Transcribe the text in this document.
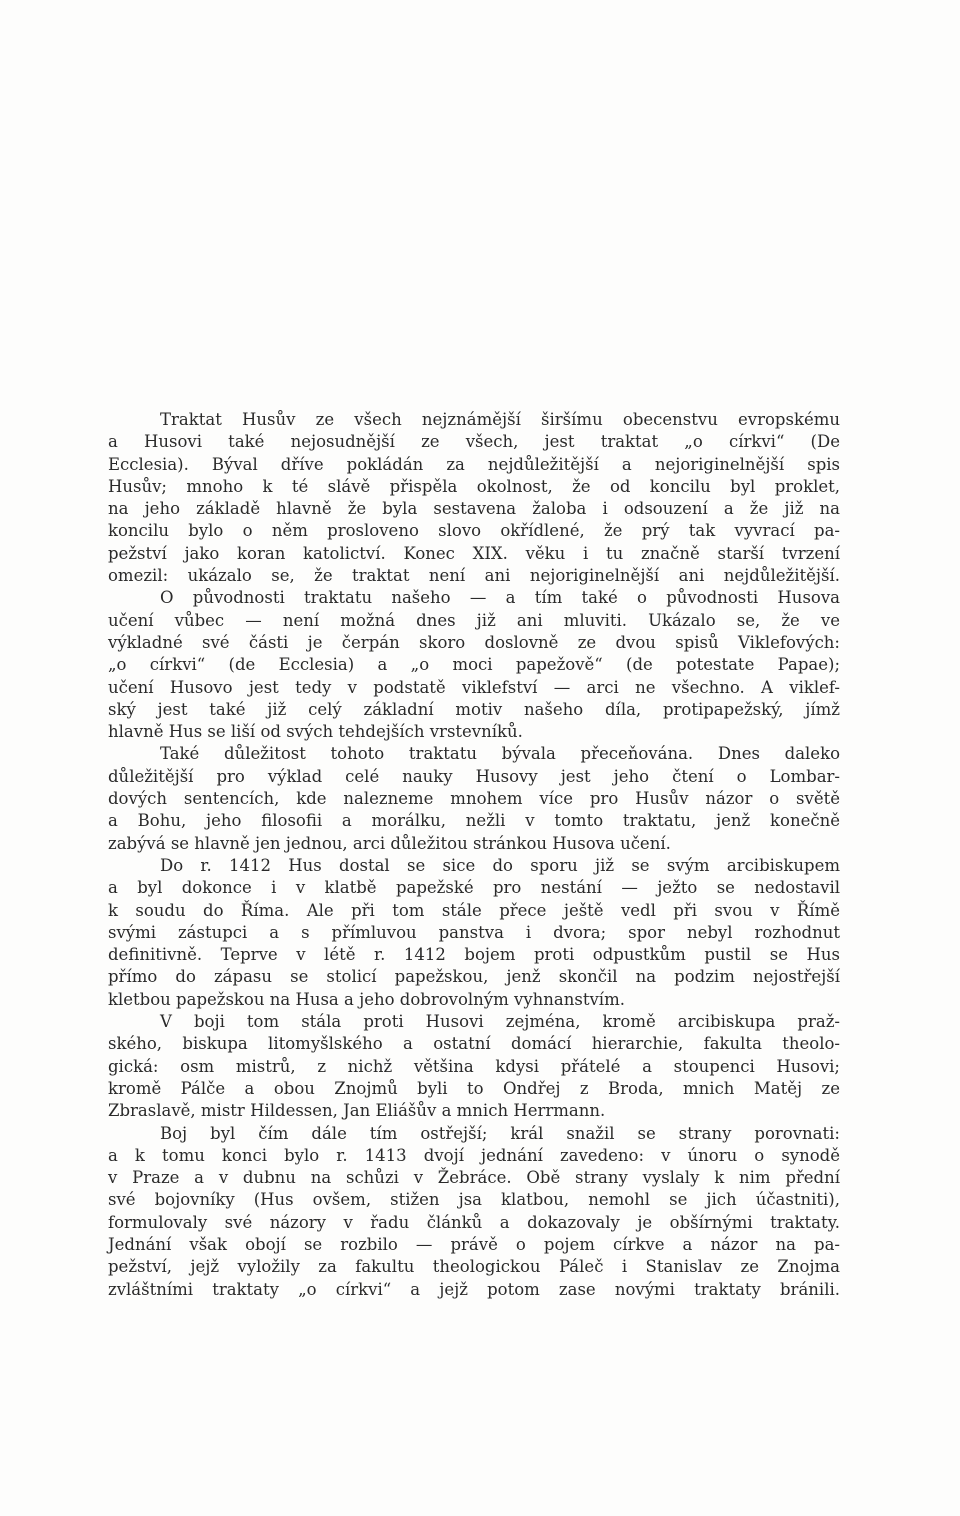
Traktat Husův ze všech nejznámější širšímu obecenstvu evropskému
a Husovi také nejosudnější ze všech, jest traktat „o církvi“ (De
Ecclesia). Býval dříve pokládán za nejdůležitější a nejoriginelnější spis
Husův; mnoho k té slávě přispěla okolnost, že od koncilu byl proklet,
na jeho základě hlavně že byla sestavena žaloba i odsouzení a že již na
koncilu bylo o něm prosloveno slovo okřídlené, že prý tak vyvrací pa-
pežství jako koran katolictví. Konec XIX. věku i tu značně starší tvrzení
omezil: ukázalo se, že traktat není ani nejoriginelnější ani nejdůležitější.

O původnosti traktatu našeho — a tím také o původnosti Husova
učení vůbec — není možná dnes již ani mluviti. Ukázalo se, že ve
výkladné své části je čerpán skoro doslovně ze dvou spisů Viklefových:
„o církvi“ (de Ecclesia) a „o moci papežově“ (de potestate Papae);
učení Husovo jest tedy v podstatě viklefství — arci ne všechno. A viklef-
ský jest také již celý základní motiv našeho díla, protipapežský, jímž
hlavně Hus se liší od svých tehdejších vrstevníků.

Také důležitost tohoto traktatu bývala přeceňována. Dnes daleko
důležitější pro výklad celé nauky Husovy jest jeho čtení o Lombar-
dových sentencích, kde nalezneme mnohem více pro Husův názor o světě
a Bohu, jeho filosofii a morálku, nežli v tomto traktatu, jenž konečně
zabývá se hlavně jen jednou, arci důležitou stránkou Husova učení.

Do r. 1412 Hus dostal se sice do sporu již se svým arcibiskupem
a byl dokonce i v klatbě papežské pro nestání — ježto se nedostavil
k soudu do Říma. Ale při tom stále přece ještě vedl při svou v Římě
svými zástupci a s přímluvou panstva i dvora; spor nebyl rozhodnut
definitivně. Teprve v létě r. 1412 bojem proti odpustkům pustil se Hus
přímo do zápasu se stolicí papežskou, jenž skončil na podzim nejostřejší
kletbou papežskou na Husa a jeho dobrovolným vyhnanstvím.

V boji tom stála proti Husovi zejména, kromě arcibiskupa praž-
ského, biskupa litomyšlského a ostatní domácí hierarchie, fakulta theolo-
gická: osm mistrů, z nichž většina kdysi přátelé a stoupenci Husovi;
kromě Pálče a obou Znojmů byli to Ondřej z Broda, mnich Matěj ze
Zbraslavě, mistr Hildessen, Jan Eliášův a mnich Herrmann.

Boj byl čím dále tím ostřejší; král snažil se strany porovnati:
a k tomu konci bylo r. 1413 dvojí jednání zavedeno: v únoru o synodě
v Praze a v dubnu na schůzi v Žebráce. Obě strany vyslaly k nim přední
své bojovníky (Hus ovšem, stižen jsa klatbou, nemohl se jich účastniti),
formulovaly své názory v řadu článků a dokazovaly je obšírnými traktaty.
Jednání však obojí se rozbilo — právě o pojem církve a názor na pa-
pežství, jejž vyložily za fakultu theologickou Páleč i Stanislav ze Znojma
zvláštními traktaty „o církvi“ a jejž potom zase novými traktaty bránili.
